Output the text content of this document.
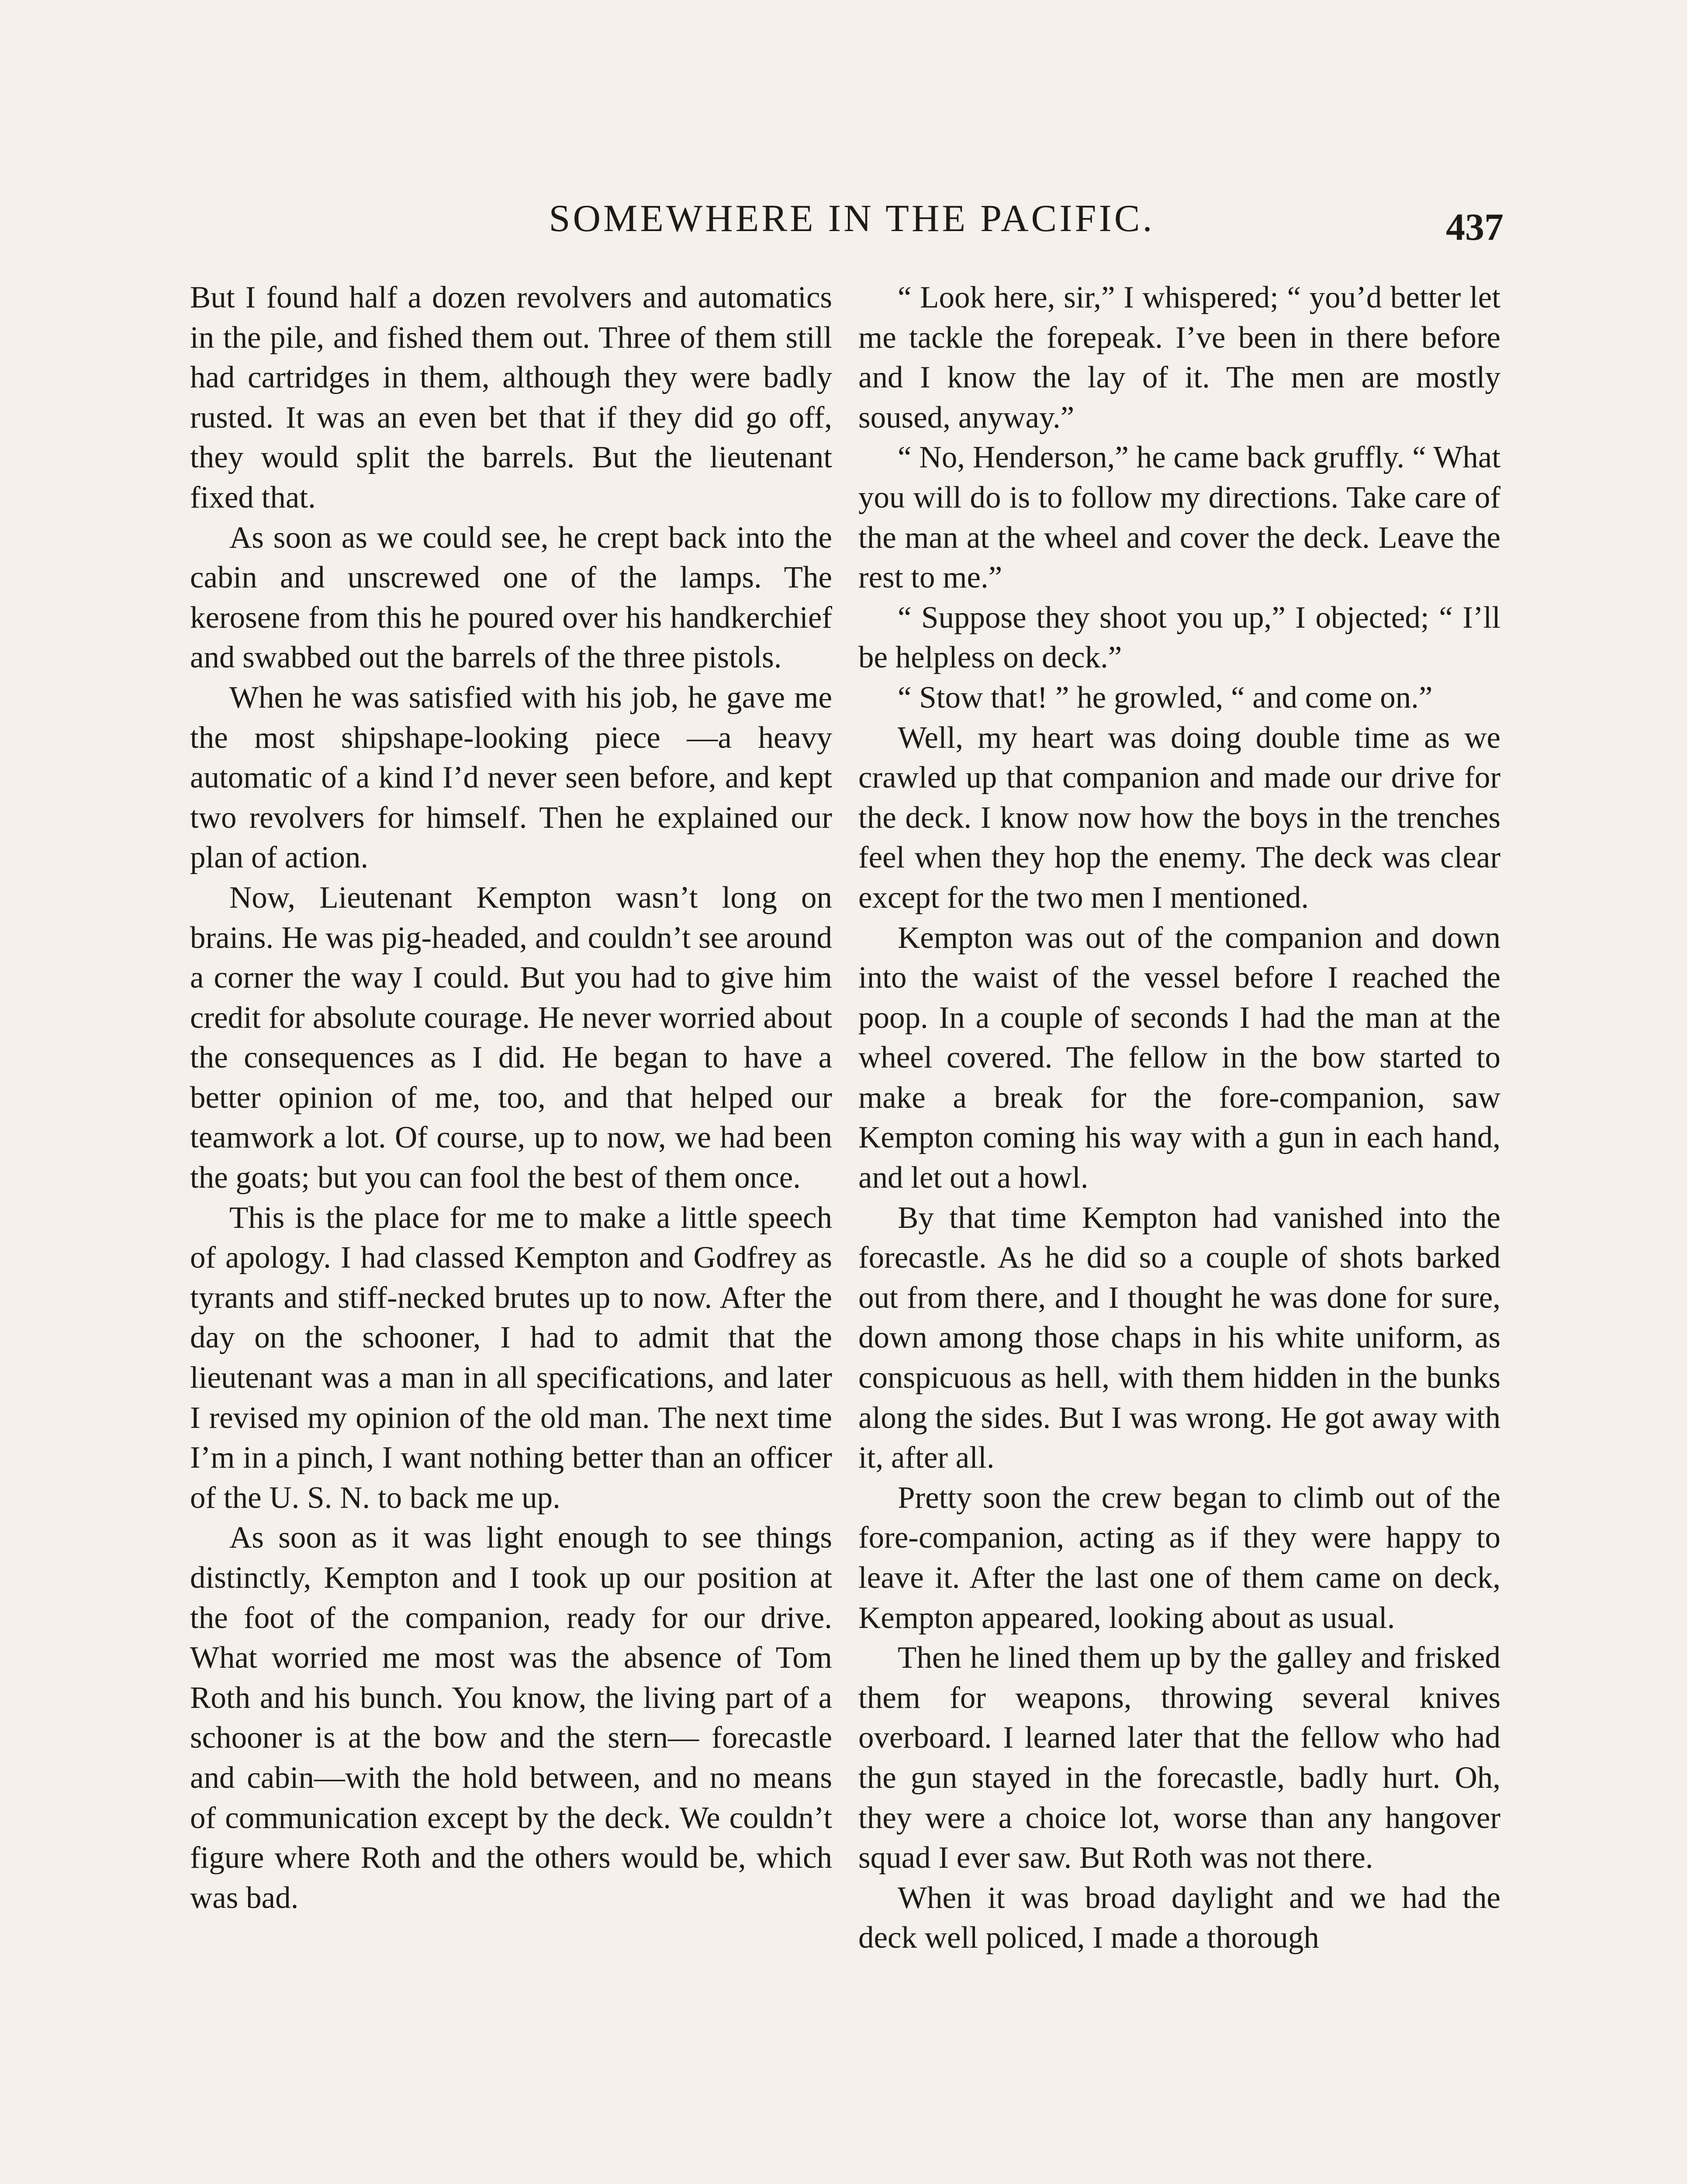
SOMEWHERE IN THE PACIFIC.	437

But I found half a dozen revolvers and automatics in the pile, and fished them out. Three of them still had cartridges in them, although they were badly rusted. It was an even bet that if they did go off, they would split the barrels. But the lieutenant fixed that.

As soon as we could see, he crept back into the cabin and unscrewed one of the lamps. The kerosene from this he poured over his handkerchief and swabbed out the barrels of the three pistols.

When he was satisfied with his job, he gave me the most shipshape-looking piece —a heavy automatic of a kind I’d never seen before, and kept two revolvers for himself. Then he explained our plan of action.

Now, Lieutenant Kempton wasn’t long on brains. He was pig-headed, and couldn’t see around a corner the way I could. But you had to give him credit for absolute courage. He never worried about the consequences as I did. He began to have a better opinion of me, too, and that helped our teamwork a lot. Of course, up to now, we had been the goats; but you can fool the best of them once.

This is the place for me to make a little speech of apology. I had classed Kempton and Godfrey as tyrants and stiff-necked brutes up to now. After the day on the schooner, I had to admit that the lieutenant was a man in all specifications, and later I revised my opinion of the old man. The next time I’m in a pinch, I want nothing better than an officer of the U. S. N. to back me up.

As soon as it was light enough to see things distinctly, Kempton and I took up our position at the foot of the companion, ready for our drive. What worried me most was the absence of Tom Roth and his bunch. You know, the living part of a schooner is at the bow and the stern— forecastle and cabin—with the hold between, and no means of communication except by the deck. We couldn’t figure where Roth and the others would be, which was bad.

“ Look here, sir,” I whispered; “ you’d better let me tackle the forepeak. I’ve been in there before and I know the lay of it. The men are mostly soused, anyway.”

“ No, Henderson,” he came back gruffly. “ What you will do is to follow my directions. Take care of the man at the wheel and cover the deck. Leave the rest to me.”

“ Suppose they shoot you up,” I objected; “ I’ll be helpless on deck.”

“ Stow that! ” he growled, “ and come on.”

Well, my heart was doing double time as we crawled up that companion and made our drive for the deck. I know now how the boys in the trenches feel when they hop the enemy. The deck was clear except for the two men I mentioned.

Kempton was out of the companion and down into the waist of the vessel before I reached the poop. In a couple of seconds I had the man at the wheel covered. The fellow in the bow started to make a break for the fore-companion, saw Kempton coming his way with a gun in each hand, and let out a howl.

By that time Kempton had vanished into the forecastle. As he did so a couple of shots barked out from there, and I thought he was done for sure, down among those chaps in his white uniform, as conspicuous as hell, with them hidden in the bunks along the sides. But I was wrong. He got away with it, after all.

Pretty soon the crew began to climb out of the fore-companion, acting as if they were happy to leave it. After the last one of them came on deck, Kempton appeared, looking about as usual.

Then he lined them up by the galley and frisked them for weapons, throwing several knives overboard. I learned later that the fellow who had the gun stayed in the forecastle, badly hurt. Oh, they were a choice lot, worse than any hangover squad I ever saw. But Roth was not there.

When it was broad daylight and we had the deck well policed, I made a thorough
